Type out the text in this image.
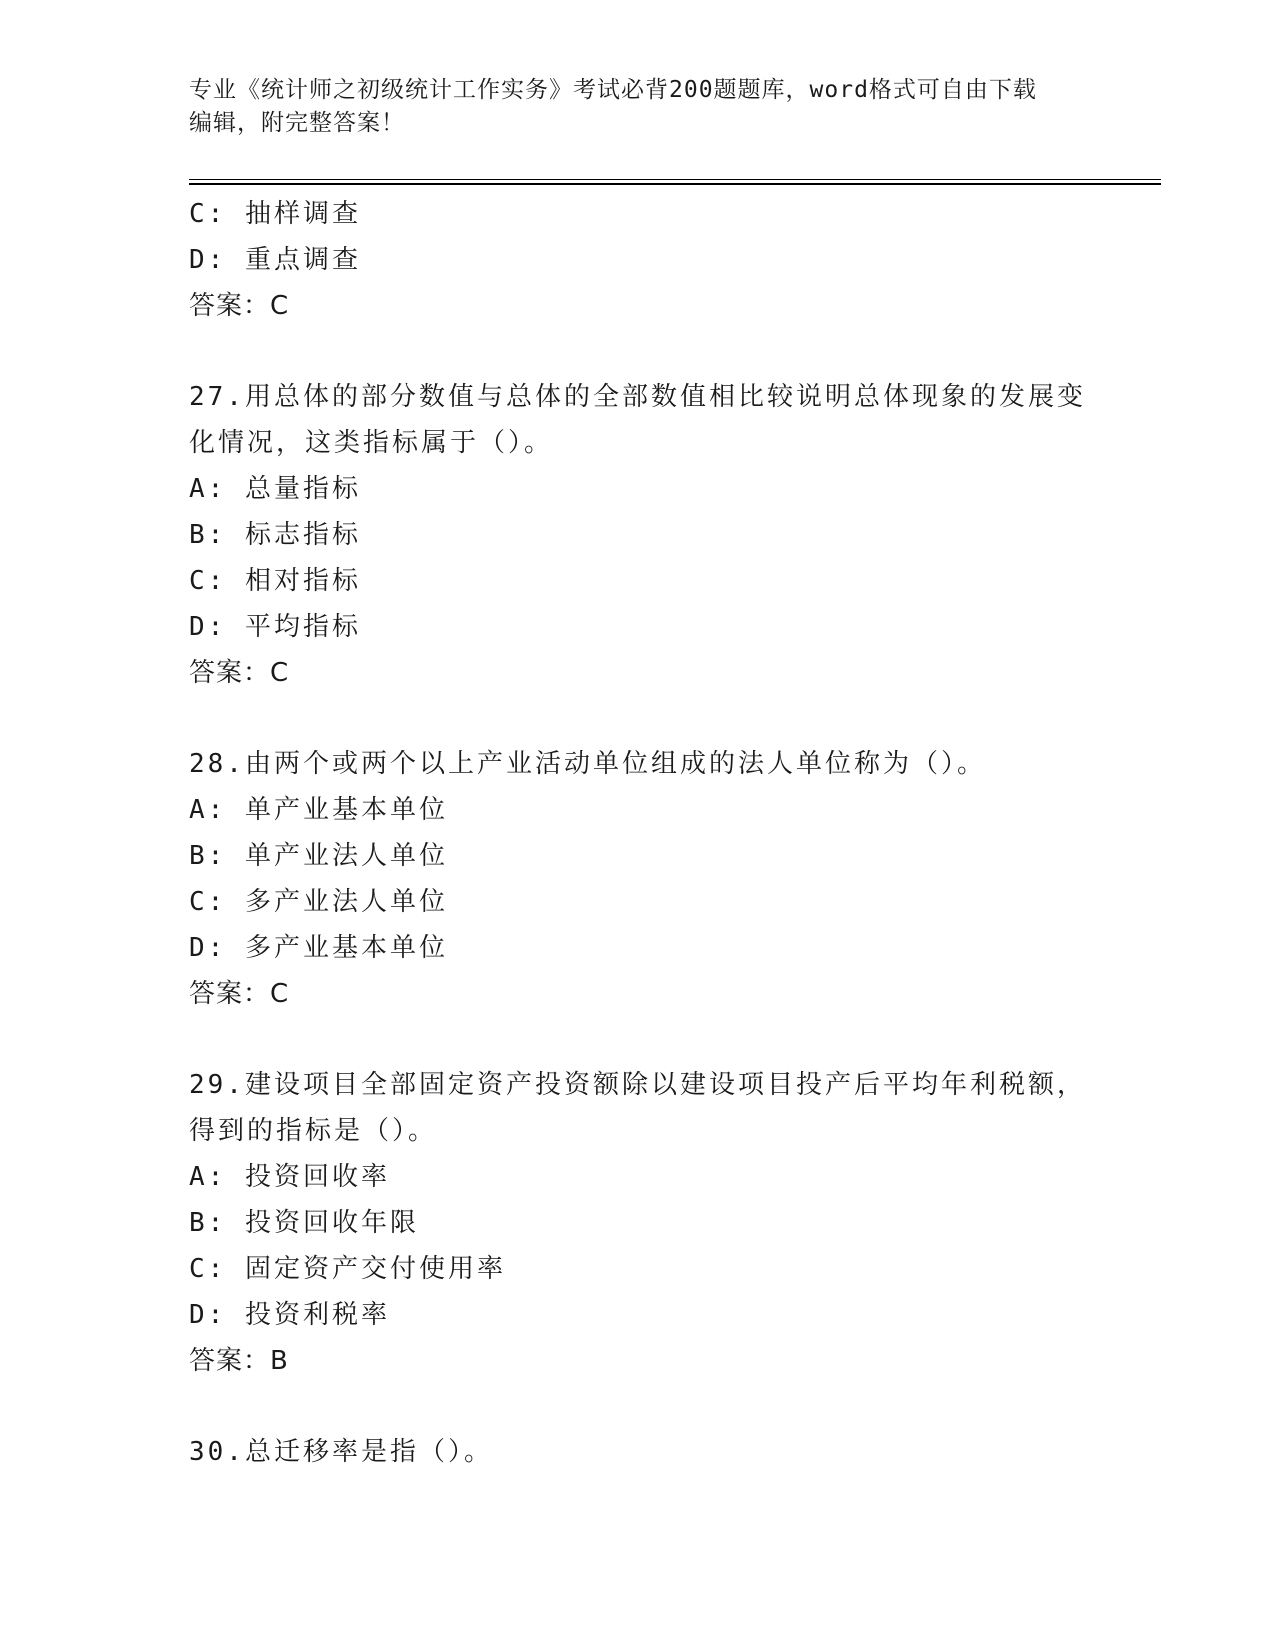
专业《统计师之初级统计工作实务》考试必背200题题库，word格式可自由下载
编辑，附完整答案！
C: 抽样调查
D: 重点调查
答案：C
27.用总体的部分数值与总体的全部数值相比较说明总体现象的发展变
化情况，这类指标属于（）。
A: 总量指标
B: 标志指标
C: 相对指标
D: 平均指标
答案：C
28.由两个或两个以上产业活动单位组成的法人单位称为（）。
A: 单产业基本单位
B: 单产业法人单位
C: 多产业法人单位
D: 多产业基本单位
答案：C
29.建设项目全部固定资产投资额除以建设项目投产后平均年利税额，
得到的指标是（）。
A: 投资回收率
B: 投资回收年限
C: 固定资产交付使用率
D: 投资利税率
答案：B
30.总迁移率是指（）。
